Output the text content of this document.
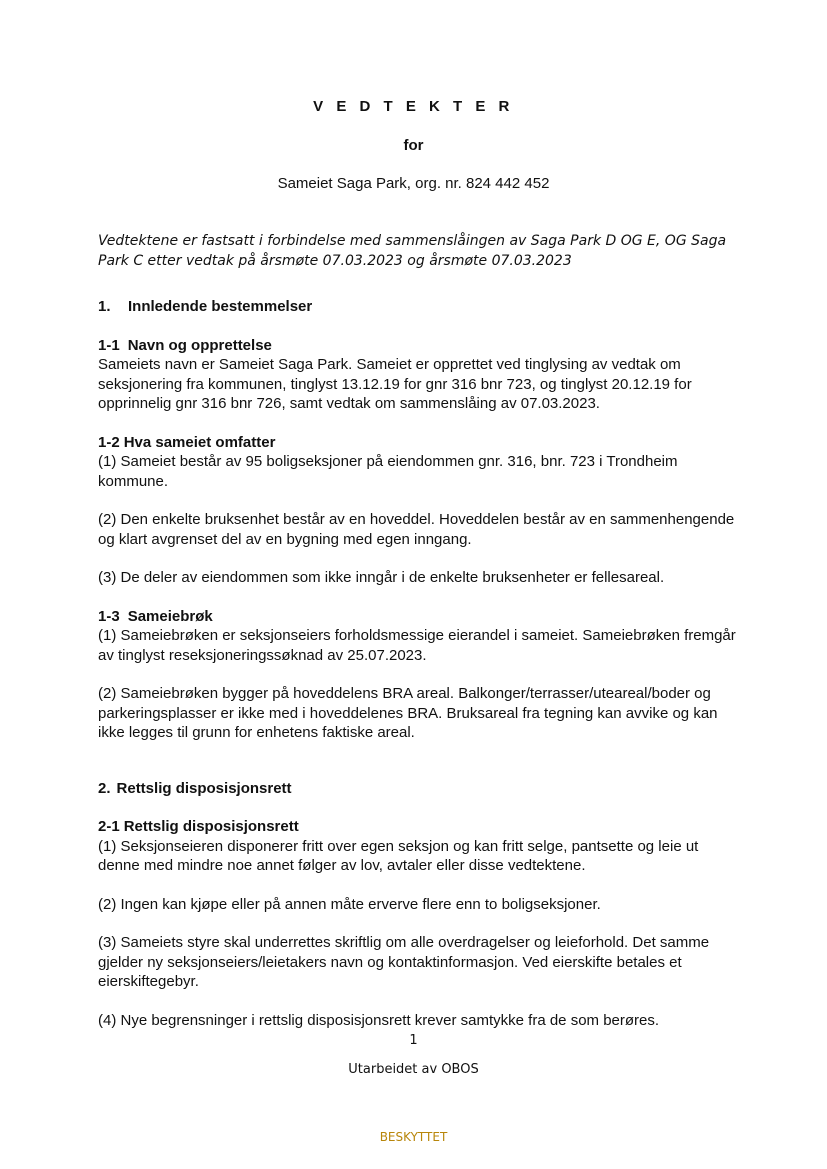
V E D T E K T E R
for
Sameiet Saga Park, org. nr. 824 442 452
Vedtektene er fastsatt i forbindelse med sammenslåingen av Saga Park D OG E, OG Saga Park C etter vedtak på årsmøte 07.03.2023 og årsmøte 07.03.2023
1. Innledende bestemmelser
1-1 Navn og opprettelse

Sameiets navn er Sameiet Saga Park. Sameiet er opprettet ved tinglysing av vedtak om seksjonering fra kommunen, tinglyst 13.12.19 for gnr 316 bnr 723, og tinglyst 20.12.19 for opprinnelig gnr 316 bnr 726, samt vedtak om sammenslåing av 07.03.2023.

1-2 Hva sameiet omfatter

(1) Sameiet består av 95 boligseksjoner på eiendommen gnr. 316, bnr. 723 i Trondheim kommune.

(2) Den enkelte bruksenhet består av en hoveddel. Hoveddelen består av en sammenhengende og klart avgrenset del av en bygning med egen inngang.

(3) De deler av eiendommen som ikke inngår i de enkelte bruksenheter er fellesareal.

1-3 Sameiebrøk

(1) Sameiebrøken er seksjonseiers forholdsmessige eierandel i sameiet. Sameiebrøken fremgår av tinglyst reseksjoneringssøknad av 25.07.2023.

(2) Sameiebrøken bygger på hoveddelens BRA areal. Balkonger/terrasser/uteareal/boder og parkeringsplasser er ikke med i hoveddelenes BRA. Bruksareal fra tegning kan avvike og kan ikke legges til grunn for enhetens faktiske areal.

2. Rettslig disposisjonsrett
2-1 Rettslig disposisjonsrett

(1) Seksjonseieren disponerer fritt over egen seksjon og kan fritt selge, pantsette og leie ut denne med mindre noe annet følger av lov, avtaler eller disse vedtektene.

(2) Ingen kan kjøpe eller på annen måte erverve flere enn to boligseksjoner.

(3) Sameiets styre skal underrettes skriftlig om alle overdragelser og leieforhold. Det samme gjelder ny seksjonseiers/leietakers navn og kontaktinformasjon. Ved eierskifte betales et eierskiftegebyr.

(4) Nye begrensninger i rettslig disposisjonsrett krever samtykke fra de som berøres.

1
Utarbeidet av OBOS
BESKYTTET
